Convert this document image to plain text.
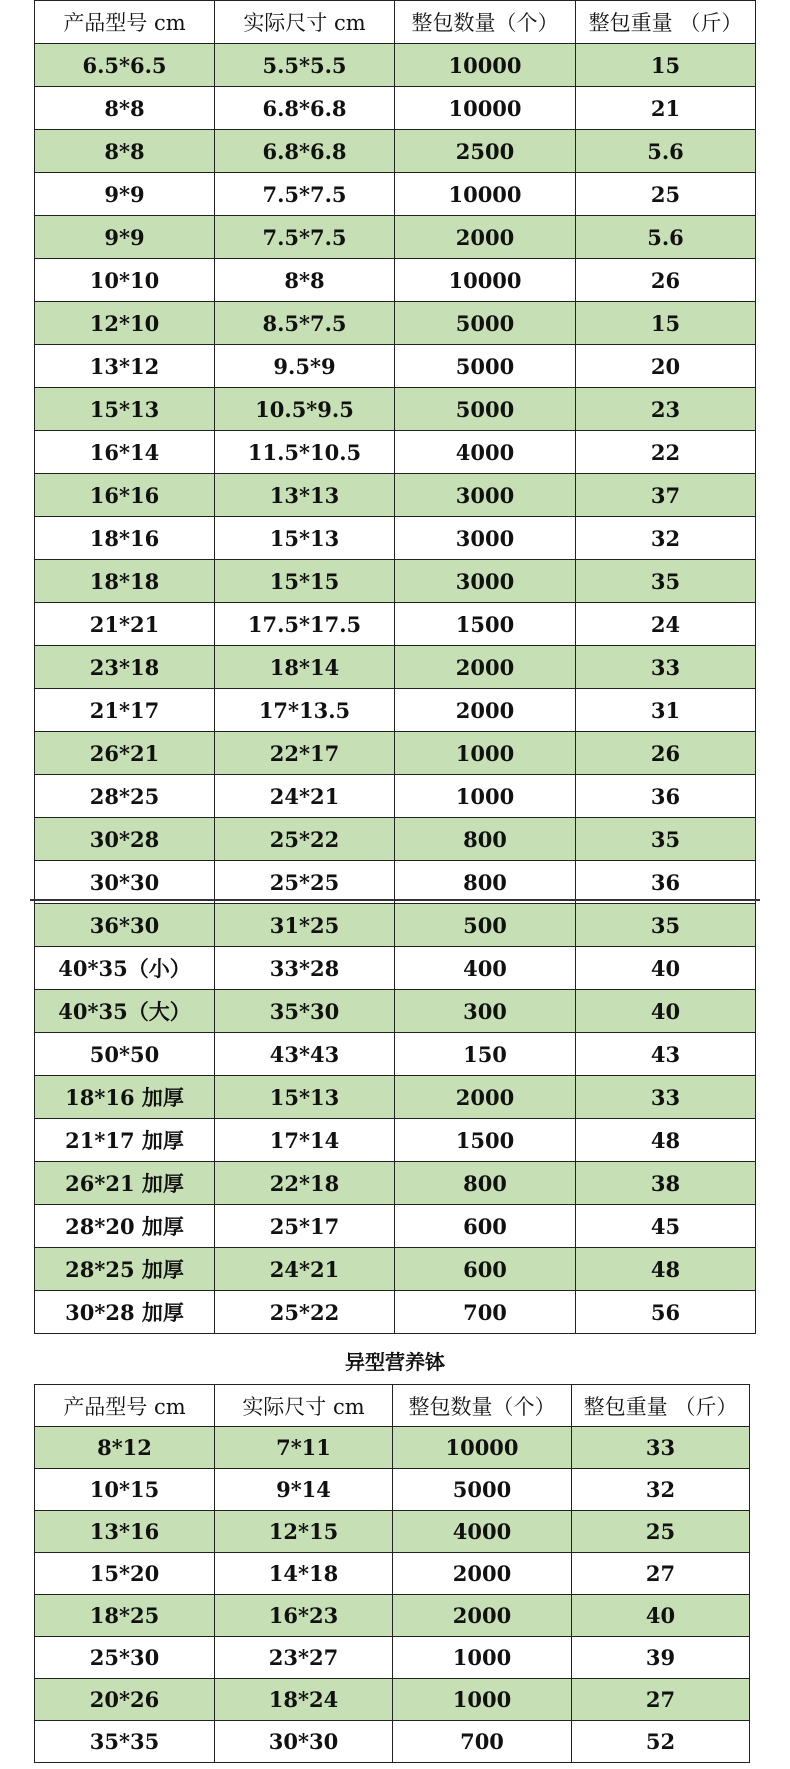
产品型号 cm	实际尺寸 cm	整包数量（个）	整包重量 （斤）
6.5*6.5	5.5*5.5	10000	15
8*8	6.8*6.8	10000	21
8*8	6.8*6.8	2500	5.6
9*9	7.5*7.5	10000	25
9*9	7.5*7.5	2000	5.6
10*10	8*8	10000	26
12*10	8.5*7.5	5000	15
13*12	9.5*9	5000	20
15*13	10.5*9.5	5000	23
16*14	11.5*10.5	4000	22
16*16	13*13	3000	37
18*16	15*13	3000	32
18*18	15*15	3000	35
21*21	17.5*17.5	1500	24
23*18	18*14	2000	33
21*17	17*13.5	2000	31
26*21	22*17	1000	26
28*25	24*21	1000	36
30*28	25*22	800	35
30*30	25*25	800	36
36*30	31*25	500	35
40*35（小）	33*28	400	40
40*35（大）	35*30	300	40
50*50	43*43	150	43
18*16 加厚	15*13	2000	33
21*17 加厚	17*14	1500	48
26*21 加厚	22*18	800	38
28*20 加厚	25*17	600	45
28*25 加厚	24*21	600	48
30*28 加厚	25*22	700	56
异型营养钵
产品型号 cm	实际尺寸 cm	整包数量（个）	整包重量 （斤）
8*12	7*11	10000	33
10*15	9*14	5000	32
13*16	12*15	4000	25
15*20	14*18	2000	27
18*25	16*23	2000	40
25*30	23*27	1000	39
20*26	18*24	1000	27
35*35	30*30	700	52
